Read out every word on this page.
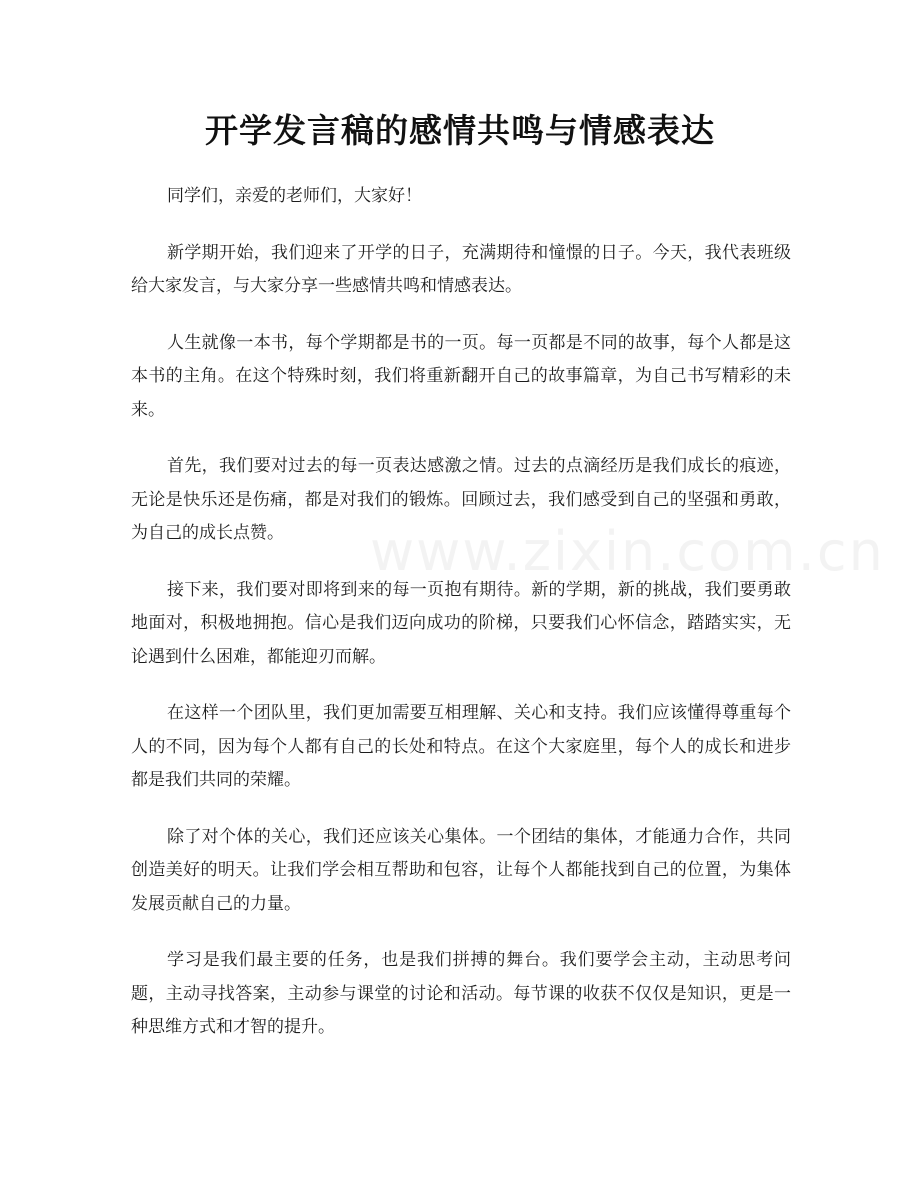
www.zixin.com.cn
开学发言稿的感情共鸣与情感表达

同学们，亲爱的老师们，大家好！

新学期开始，我们迎来了开学的日子，充满期待和憧憬的日子。今天，我代表班级给大家发言，与大家分享一些感情共鸣和情感表达。

人生就像一本书，每个学期都是书的一页。每一页都是不同的故事，每个人都是这本书的主角。在这个特殊时刻，我们将重新翻开自己的故事篇章，为自己书写精彩的未来。

首先，我们要对过去的每一页表达感激之情。过去的点滴经历是我们成长的痕迹，无论是快乐还是伤痛，都是对我们的锻炼。回顾过去，我们感受到自己的坚强和勇敢，为自己的成长点赞。

接下来，我们要对即将到来的每一页抱有期待。新的学期，新的挑战，我们要勇敢地面对，积极地拥抱。信心是我们迈向成功的阶梯，只要我们心怀信念，踏踏实实，无论遇到什么困难，都能迎刃而解。

在这样一个团队里，我们更加需要互相理解、关心和支持。我们应该懂得尊重每个人的不同，因为每个人都有自己的长处和特点。在这个大家庭里，每个人的成长和进步都是我们共同的荣耀。

除了对个体的关心，我们还应该关心集体。一个团结的集体，才能通力合作，共同创造美好的明天。让我们学会相互帮助和包容，让每个人都能找到自己的位置，为集体发展贡献自己的力量。

学习是我们最主要的任务，也是我们拼搏的舞台。我们要学会主动，主动思考问题，主动寻找答案，主动参与课堂的讨论和活动。每节课的收获不仅仅是知识，更是一种思维方式和才智的提升。
